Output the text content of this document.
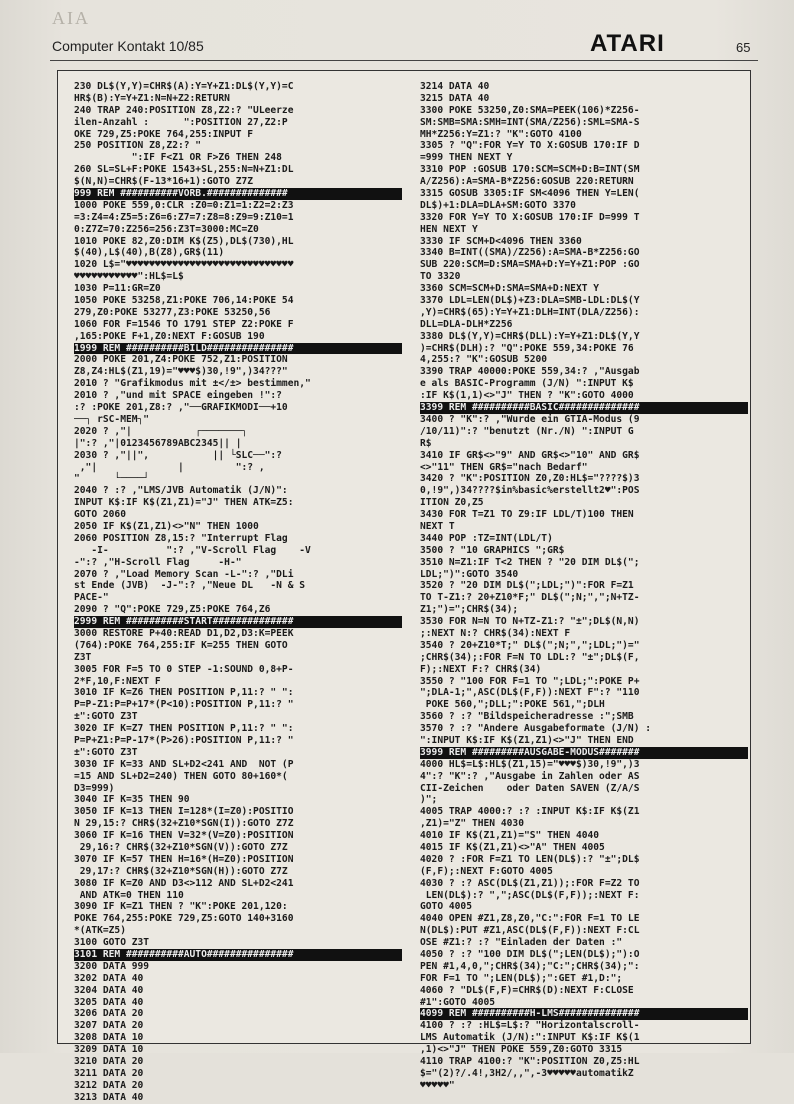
AIA
Computer Kontakt 10/85	ATARI	65
230 DL$(Y,Y)=CHR$(A):Y=Y+Z1:DL$(Y,Y)=C
HR$(B):Y=Y+Z1:N=N+Z2:RETURN
240 TRAP 240:POSITION Z8,Z2:? "ULeerze
ilen-Anzahl :      ":POSITION 27,Z2:P
OKE 729,Z5:POKE 764,255:INPUT F
250 POSITION Z8,Z2:? "
":IF F<Z1 OR F>Z6 THEN 248
260 SL=SL+F:POKE 1543+SL,255:N=N+Z1:DL
$(N,N)=CHR$(F-13*16+1):GOTO Z7Z
999 REM ##########VORB.##############
1000 POKE 559,0:CLR :Z0=0:Z1=1:Z2=2:Z3
=3:Z4=4:Z5=5:Z6=6:Z7=7:Z8=8:Z9=9:Z10=1
0:Z7Z=70:Z256=256:Z3T=3000:MC=Z0
1010 POKE 82,Z0:DIM K$(Z5),DL$(730),HL
$(40),L$(40),B(Z8),GR$(11)
1020 L$="♥♥♥♥♥♥♥♥♥♥♥♥♥♥♥♥♥♥♥♥♥♥♥♥♥♥♥♥♥
♥♥♥♥♥♥♥♥♥♥♥":HL$=L$
1030 P=11:GR=Z0
1050 POKE 53258,Z1:POKE 706,14:POKE 54
279,Z0:POKE 53277,Z3:POKE 53250,56
1060 FOR F=1546 TO 1791 STEP Z2:POKE F
,165:POKE F+1,Z0:NEXT F:GOSUB 190
1999 REM ##########BILD###############
2000 POKE 201,Z4:POKE 752,Z1:POSITION
Z8,Z4:HL$(Z1,19)="♥♥♥$)30,!9",)34???"
2010 ? "Grafikmodus mit ±</±> bestimmen,"
2010 ? ,"und mit SPACE eingeben !":?
:? :POKE 201,Z8:? ,"──GRAFIKMODI──+10
──┐ rSC-MEM┐"
2020 ? ,"|           ┌───────┐
|":? ,"|0123456789ABC2345|| |
2030 ? ,"||",           || └SLC──":?
,"|              |         ":? ,
"      └────┘
2040 ? :? ,"LMS/JVB Automatik (J/N)":
INPUT K$:IF K$(Z1,Z1)="J" THEN ATK=Z5:
GOTO 2060
2050 IF K$(Z1,Z1)<>"N" THEN 1000
2060 POSITION Z8,15:? "Interrupt Flag
-I-          ":? ,"V-Scroll Flag    -V
-":? ,"H-Scroll Flag     -H-"
2070 ? ,"Load Memory Scan -L-":? ,"DLi
st Ende (JVB)  -J-":? ,"Neue DL   -N & S
PACE-"
2090 ? "Q":POKE 729,Z5:POKE 764,Z6
2999 REM ##########START##############
3000 RESTORE P+40:READ D1,D2,D3:K=PEEK
(764):POKE 764,255:IF K=255 THEN GOTO
Z3T
3005 FOR F=5 TO 0 STEP -1:SOUND 0,8+P-
2*F,10,F:NEXT F
3010 IF K=Z6 THEN POSITION P,11:? " ":
P=P-Z1:P=P+17*(P<10):POSITION P,11:? "
±":GOTO Z3T
3020 IF K=Z7 THEN POSITION P,11:? " ":
P=P+Z1:P=P-17*(P>26):POSITION P,11:? "
±":GOTO Z3T
3030 IF K=33 AND SL+D2<241 AND  NOT (P
=15 AND SL+D2=240) THEN GOTO 80+160*(
D3=999)
3040 IF K=35 THEN 90
3050 IF K=13 THEN I=128*(I=Z0):POSITIO
N 29,15:? CHR$(32+Z10*SGN(I)):GOTO Z7Z
3060 IF K=16 THEN V=32*(V=Z0):POSITION
29,16:? CHR$(32+Z10*SGN(V)):GOTO Z7Z
3070 IF K=57 THEN H=16*(H=Z0):POSITION
29,17:? CHR$(32+Z10*SGN(H)):GOTO Z7Z
3080 IF K=Z0 AND D3<>112 AND SL+D2<241
AND ATK=0 THEN 110
3090 IF K=Z1 THEN ? "K":POKE 201,120:
POKE 764,255:POKE 729,Z5:GOTO 140+3160
*(ATK=Z5)
3100 GOTO Z3T
3101 REM ##########AUTO###############
3200 DATA 999
3202 DATA 40
3204 DATA 40
3205 DATA 40
3206 DATA 20
3207 DATA 20
3208 DATA 10
3209 DATA 10
3210 DATA 20
3211 DATA 20
3212 DATA 20
3213 DATA 40
3214 DATA 40
3215 DATA 40
3300 POKE 53250,Z0:SMA=PEEK(106)*Z256-
SM:SMB=SMA:SMH=INT(SMA/Z256):SML=SMA-S
MH*Z256:Y=Z1:? "K":GOTO 4100
3305 ? "Q":FOR Y=Y TO X:GOSUB 170:IF D
=999 THEN NEXT Y
3310 POP :GOSUB 170:SCM=SCM+D:B=INT(SM
A/Z256):A=SMA-B*Z256:GOSUB 220:RETURN
3315 GOSUB 3305:IF SM<4096 THEN Y=LEN(
DL$)+1:DLA=DLA+SM:GOTO 3370
3320 FOR Y=Y TO X:GOSUB 170:IF D=999 T
HEN NEXT Y
3330 IF SCM+D<4096 THEN 3360
3340 B=INT((SMA)/Z256):A=SMA-B*Z256:GO
SUB 220:SCM=D:SMA=SMA+D:Y=Y+Z1:POP :GO
TO 3320
3360 SCM=SCM+D:SMA=SMA+D:NEXT Y
3370 LDL=LEN(DL$)+Z3:DLA=SMB-LDL:DL$(Y
,Y)=CHR$(65):Y=Y+Z1:DLH=INT(DLA/Z256):
DLL=DLA-DLH*Z256
3380 DL$(Y,Y)=CHR$(DLL):Y=Y+Z1:DL$(Y,Y
)=CHR$(DLH):? "Q":POKE 559,34:POKE 76
4,255:? "K":GOSUB 5200
3390 TRAP 40000:POKE 559,34:? ,"Ausgab
e als BASIC-Programm (J/N) ":INPUT K$
:IF K$(1,1)<>"J" THEN ? "K":GOTO 4000
3399 REM ##########BASIC##############
3400 ? "K":? ,"Wurde ein GTIA-Modus (9
/10/11)":? "benutzt (Nr./N) ":INPUT G
R$
3410 IF GR$<>"9" AND GR$<>"10" AND GR$
<>"11" THEN GR$="nach Bedarf"
3420 ? "K":POSITION Z0,Z0:HL$="????$)3
0,!9",)34????$in%basic%erstellt2♥":POS
ITION Z0,Z5
3430 FOR T=Z1 TO Z9:IF LDL/T)100 THEN
NEXT T
3440 POP :TZ=INT(LDL/T)
3500 ? "10 GRAPHICS ";GR$
3510 N=Z1:IF T<2 THEN ? "20 DIM DL$(";
LDL;")":GOTO 3540
3520 ? "20 DIM DL$(";LDL;")":FOR F=Z1
TO T-Z1:? 20+Z10*F;" DL$(";N;",";N+TZ-
Z1;")=";CHR$(34);
3530 FOR N=N TO N+TZ-Z1:? "±";DL$(N,N)
;:NEXT N:? CHR$(34):NEXT F
3540 ? 20+Z10*T;" DL$(";N;",";LDL;")="
;CHR$(34);:FOR F=N TO LDL:? "±";DL$(F,
F);:NEXT F:? CHR$(34)
3550 ? "100 FOR F=1 TO ";LDL;":POKE P+
";DLA-1;",ASC(DL$(F,F)):NEXT F":? "110
POKE 560,";DLL;":POKE 561,";DLH
3560 ? :? "Bildspeicheradresse :";SMB
3570 ? :? "Andere Ausgabeformate (J/N) :
":INPUT K$:IF K$(Z1,Z1)<>"J" THEN END
3999 REM #########AUSGABE-MODUS#######
4000 HL$=L$:HL$(Z1,15)="♥♥♥$)30,!9",)3
4":? "K":? ,"Ausgabe in Zahlen oder AS
CII-Zeichen    oder Daten SAVEN (Z/A/S
)";
4005 TRAP 4000:? :? :INPUT K$:IF K$(Z1
,Z1)="Z" THEN 4030
4010 IF K$(Z1,Z1)="S" THEN 4040
4015 IF K$(Z1,Z1)<>"A" THEN 4005
4020 ? :FOR F=Z1 TO LEN(DL$):? "±";DL$
(F,F);:NEXT F:GOTO 4005
4030 ? :? ASC(DL$(Z1,Z1));:FOR F=Z2 TO
LEN(DL$):? ",";ASC(DL$(F,F));:NEXT F:
GOTO 4005
4040 OPEN #Z1,Z8,Z0,"C:":FOR F=1 TO LE
N(DL$):PUT #Z1,ASC(DL$(F,F)):NEXT F:CL
OSE #Z1:? :? "Einladen der Daten :"
4050 ? :? "100 DIM DL$(";LEN(DL$);"):O
PEN #1,4,0,";CHR$(34);"C:";CHR$(34);":
FOR F=1 TO ";LEN(DL$);":GET #1,D:";
4060 ? "DL$(F,F)=CHR$(D):NEXT F:CLOSE
#1":GOTO 4005
4099 REM ##########H-LMS##############
4100 ? :? :HL$=L$:? "Horizontalscroll-
LMS Automatik (J/N):":INPUT K$:IF K$(1
,1)<>"J" THEN POKE 559,Z0:GOTO 3315
4110 TRAP 4100:? "K":POSITION Z0,Z5:HL
$="(2)?/.4!,3H2/,,",-3♥♥♥♥♥automatikZ
♥♥♥♥♥"
